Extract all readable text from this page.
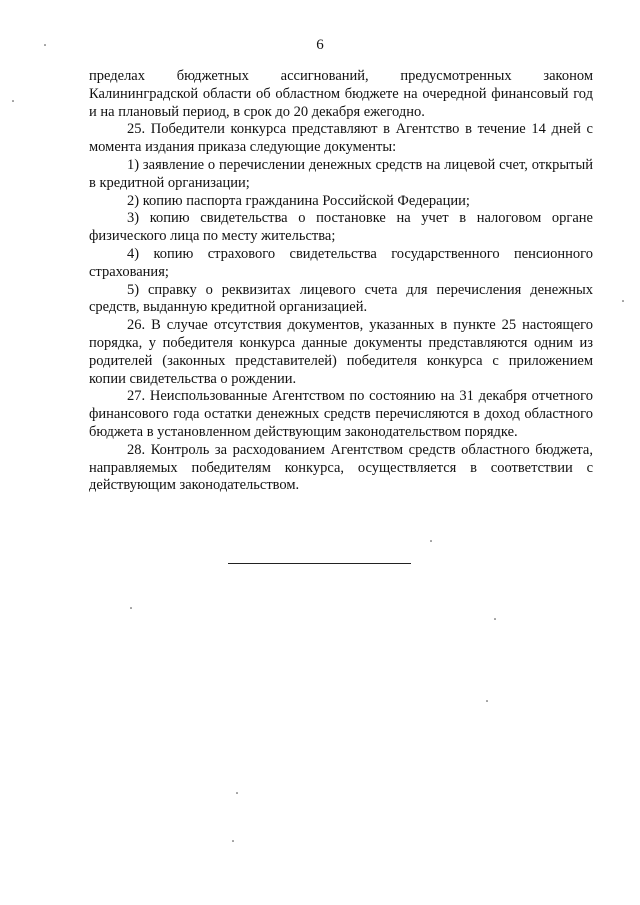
6

пределах бюджетных ассигнований, предусмотренных законом Калининградской области об областном бюджете на очередной финансовый год и на плановый период, в срок до 20 декабря ежегодно.

25. Победители конкурса представляют в Агентство в течение 14 дней с момента издания приказа следующие документы:

1) заявление о перечислении денежных средств на лицевой счет, открытый в кредитной организации;

2) копию паспорта гражданина Российской Федерации;

3) копию свидетельства о постановке на учет в налоговом органе физического лица по месту жительства;

4) копию страхового свидетельства государственного пенсионного страхования;

5) справку о реквизитах лицевого счета для перечисления денежных средств, выданную кредитной организацией.

26. В случае отсутствия документов, указанных в пункте 25 настоящего порядка, у победителя конкурса данные документы представляются одним из родителей (законных представителей) победителя конкурса с приложением копии свидетельства о рождении.

27. Неиспользованные Агентством по состоянию на 31 декабря отчетного финансового года остатки денежных средств перечисляются в доход областного бюджета в установленном действующим законодательством порядке.

28. Контроль за расходованием Агентством средств областного бюджета, направляемых победителям конкурса, осуществляется в соответствии с действующим законодательством.
